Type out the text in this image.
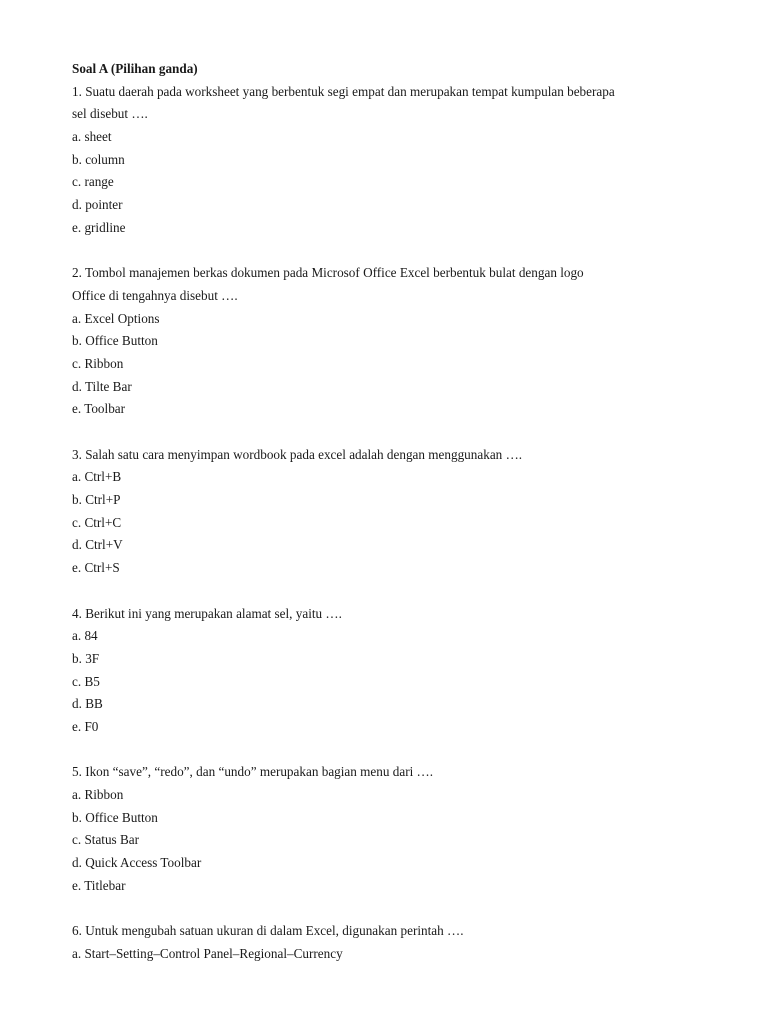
Soal A (Pilihan ganda)
1. Suatu daerah pada worksheet yang berbentuk segi empat dan merupakan tempat kumpulan beberapa
sel disebut ….
a. sheet
b. column
c. range
d. pointer
e. gridline
2. Tombol manajemen berkas dokumen pada Microsof Office Excel berbentuk bulat dengan logo
Office di tengahnya disebut ….
a. Excel Options
b. Office Button
c. Ribbon
d. Tilte Bar
e. Toolbar
3. Salah satu cara menyimpan wordbook pada excel adalah dengan menggunakan ….
a. Ctrl+B
b. Ctrl+P
c. Ctrl+C
d. Ctrl+V
e. Ctrl+S
4. Berikut ini yang merupakan alamat sel, yaitu ….
a. 84
b. 3F
c. B5
d. BB
e. F0
5. Ikon “save”, “redo”, dan “undo” merupakan bagian menu dari ….
a. Ribbon
b. Office Button
c. Status Bar
d. Quick Access Toolbar
e. Titlebar
6. Untuk mengubah satuan ukuran di dalam Excel, digunakan perintah ….
a. Start–Setting–Control Panel–Regional–Currency
